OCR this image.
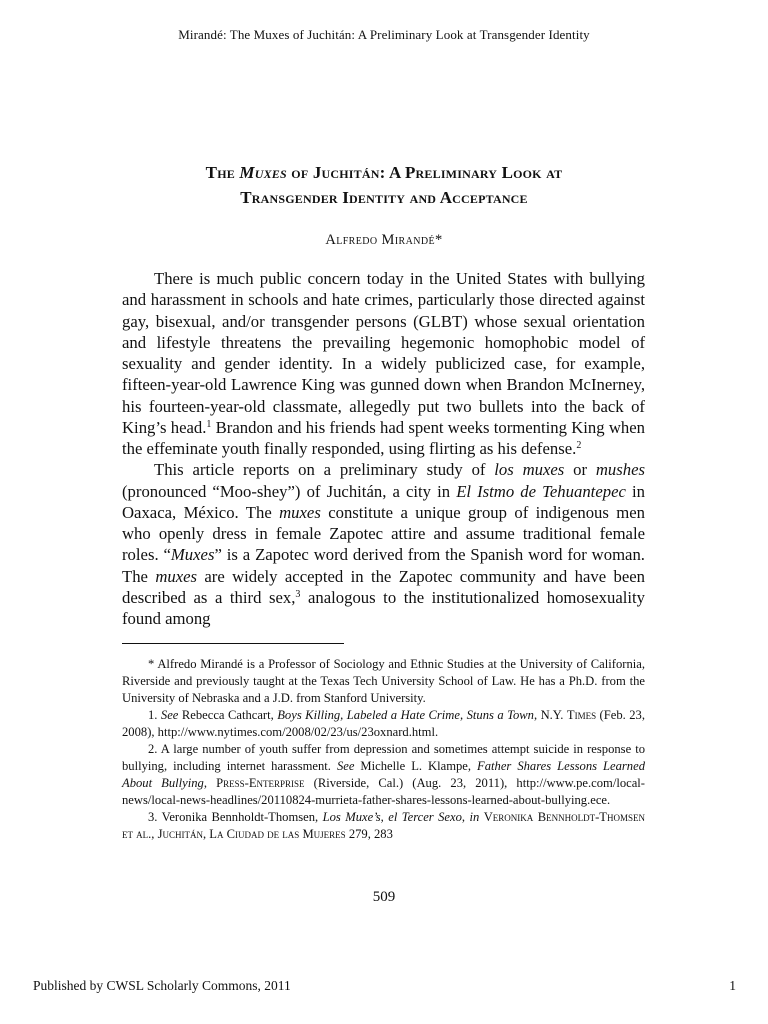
Mirandé: The Muxes of Juchitán: A Preliminary Look at Transgender Identity
The Muxes of Juchitán: A Preliminary Look at
Transgender Identity and Acceptance
Alfredo Mirandé*

There is much public concern today in the United States with bullying and harassment in schools and hate crimes, particularly those directed against gay, bisexual, and/or transgender persons (GLBT) whose sexual orientation and lifestyle threatens the prevailing hegemonic homophobic model of sexuality and gender identity. In a widely publicized case, for example, fifteen-year-old Lawrence King was gunned down when Brandon McInerney, his fourteen-year-old classmate, allegedly put two bullets into the back of King’s head.$^1$ Brandon and his friends had spent weeks tormenting King when the effeminate youth finally responded, using flirting as his defense.$^2$

This article reports on a preliminary study of los muxes or mushes (pronounced “Moo-shey”) of Juchitán, a city in El Istmo de Tehuantepec in Oaxaca, México. The muxes constitute a unique group of indigenous men who openly dress in female Zapotec attire and assume traditional female roles. “Muxes” is a Zapotec word derived from the Spanish word for woman. The muxes are widely accepted in the Zapotec community and have been described as a third sex,$^3$ analogous to the institutionalized homosexuality found among

* Alfredo Mirandé is a Professor of Sociology and Ethnic Studies at the University of California, Riverside and previously taught at the Texas Tech University School of Law. He has a Ph.D. from the University of Nebraska and a J.D. from Stanford University.

1. See Rebecca Cathcart, Boys Killing, Labeled a Hate Crime, Stuns a Town, N.Y. Times (Feb. 23, 2008), http://www.nytimes.com/2008/02/23/us/23oxnard.html.

2. A large number of youth suffer from depression and sometimes attempt suicide in response to bullying, including internet harassment. See Michelle L. Klampe, Father Shares Lessons Learned About Bullying, Press-Enterprise (Riverside, Cal.) (Aug. 23, 2011), http://www.pe.com/local-news/local-news-headlines/20110824-murrieta-father-shares-lessons-learned-about-bullying.ece.

3. Veronika Bennholdt-Thomsen, Los Muxe’s, el Tercer Sexo, in Veronika Bennholdt-Thomsen et al., Juchitán, La Ciudad de las Mujeres 279, 283

509
Published by CWSL Scholarly Commons, 2011	1
